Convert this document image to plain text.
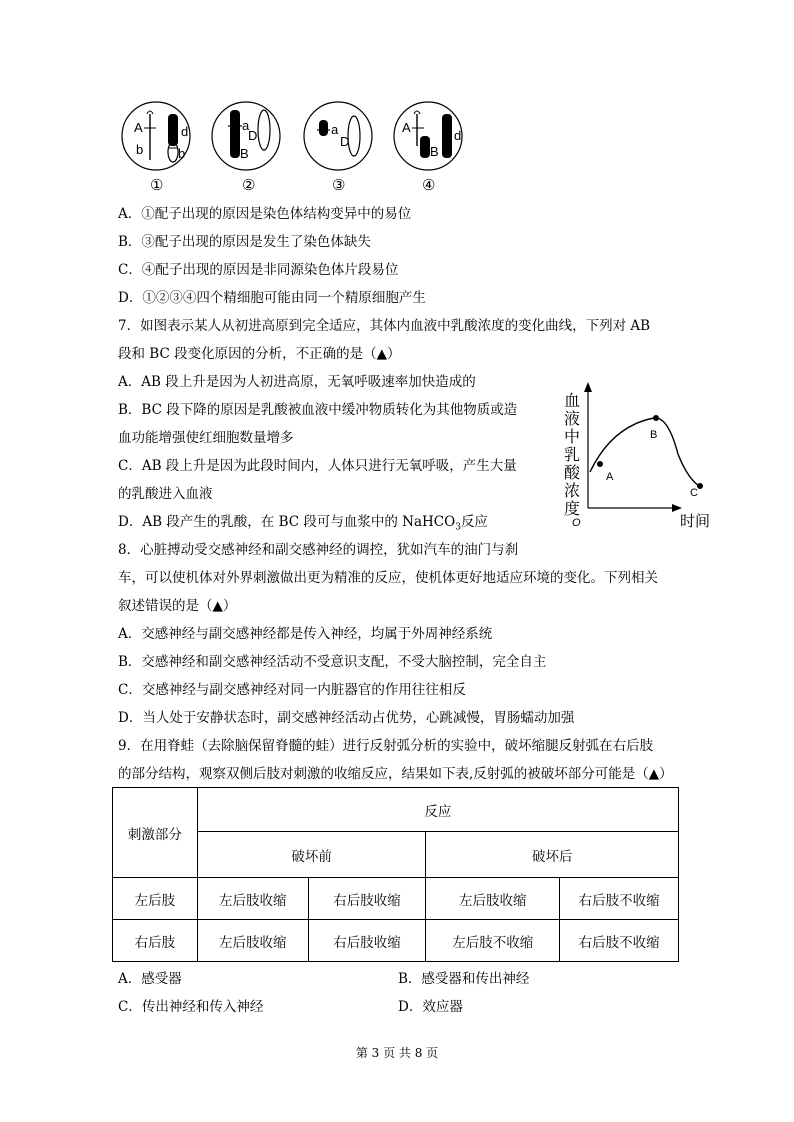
A
b
d
b
a
D
B
a
D
A
B
d
①	②	③	④
A．①配子出现的原因是染色体结构变异中的易位
B．③配子出现的原因是发生了染色体缺失
C．④配子出现的原因是非同源染色体片段易位
D．①②③④四个精细胞可能由同一个精原细胞产生
7．如图表示某人从初进高原到完全适应，其体内血液中乳酸浓度的变化曲线，下列对 AB
段和 BC 段变化原因的分析，不正确的是（▲）
A．AB 段上升是因为人初进高原，无氧呼吸速率加快造成的
B．BC 段下降的原因是乳酸被血液中缓冲物质转化为其他物质或造
血功能增强使红细胞数量增多
C．AB 段上升是因为此段时间内，人体只进行无氧呼吸，产生大量
的乳酸进入血液
D．AB 段产生的乳酸，在 BC 段可与血浆中的 NaHCO$_3$反应
A
B
C
O	时间
血
液
中
乳
酸
浓
度
8．心脏搏动受交感神经和副交感神经的调控，犹如汽车的油门与刹
车，可以使机体对外界刺激做出更为精准的反应，使机体更好地适应环境的变化。下列相关
叙述错误的是（▲）
A．交感神经与副交感神经都是传入神经，均属于外周神经系统
B．交感神经和副交感神经活动不受意识支配，不受大脑控制，完全自主
C．交感神经与副交感神经对同一内脏器官的作用往往相反
D．当人处于安静状态时，副交感神经活动占优势，心跳减慢，胃肠蠕动加强
9．在用脊蛙（去除脑保留脊髓的蛙）进行反射弧分析的实验中，破坏缩腿反射弧在右后肢
的部分结构，观察双侧后肢对刺激的收缩反应，结果如下表,反射弧的被破坏部分可能是（▲）
刺激部分	反应			
	破坏前		破坏后	
左后肢	左后肢收缩	右后肢收缩	左后肢收缩	右后肢不收缩
右后肢	左后肢收缩	右后肢收缩	左后肢不收缩	右后肢不收缩
A．感受器	B．感受器和传出神经
C．传出神经和传入神经	D．效应器
第 3 页 共 8 页
